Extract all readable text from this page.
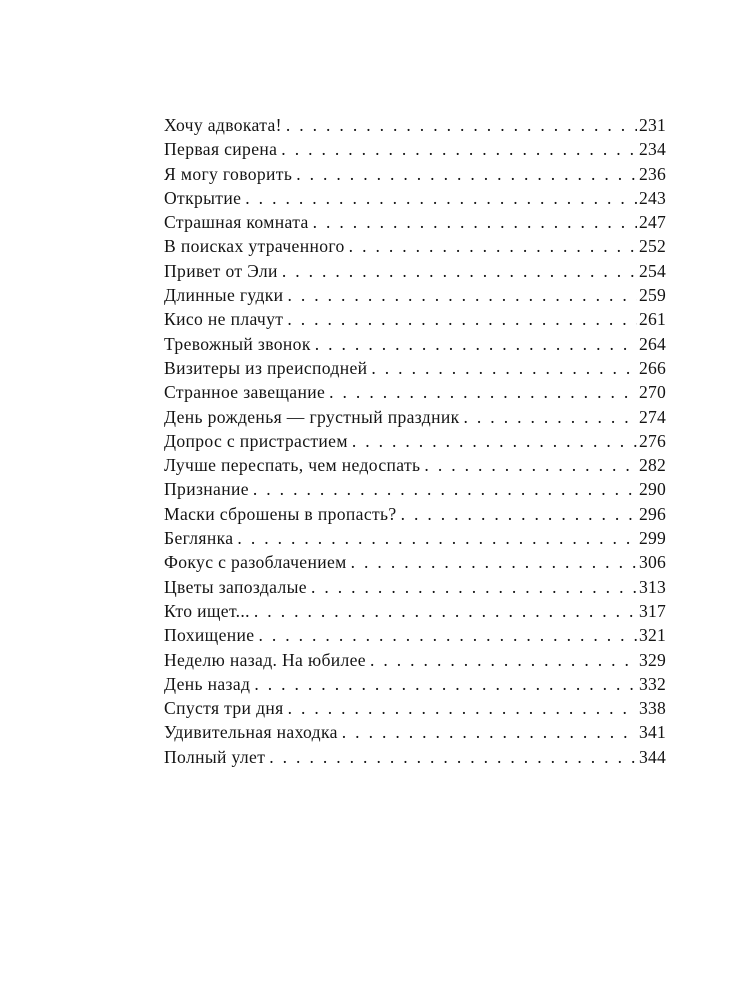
Хочу адвоката! . . .	231
Первая сирена . . .	234
Я могу говорить . . .	236
Открытие . . .	243
Страшная комната . . .	247
В поисках утраченного . . .	252
Привет от Эли . . .	254
Длинные гудки . . .	259
Кисо не плачут . . .	261
Тревожный звонок . . .	264
Визитеры из преисподней . . .	266
Странное завещание . . .	270
День рожденья — грустный праздник . . .	274
Допрос с пристрастием . . .	276
Лучше переспать, чем недоспать . . .	282
Признание . . .	290
Маски сброшены в пропасть? . . .	296
Беглянка . . .	299
Фокус с разоблачением . . .	306
Цветы запоздалые . . .	313
Кто ищет... . . .	317
Похищение . . .	321
Неделю назад. На юбилее . . .	329
День назад . . .	332
Спустя три дня . . .	338
Удивительная находка . . .	341
Полный улет . . .	344
